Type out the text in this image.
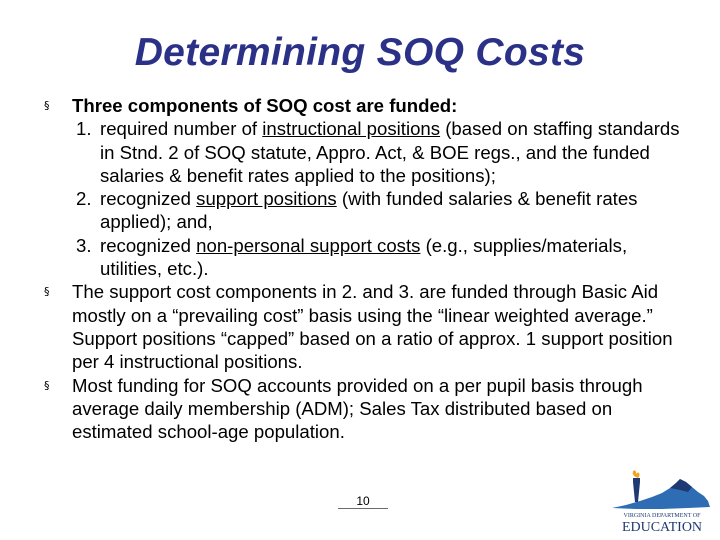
Determining SOQ Costs
§ Three components of SOQ cost are funded:
1. required number of instructional positions (based on staffing standards in Stnd. 2 of SOQ statute, Appro. Act, & BOE regs., and the funded salaries & benefit rates applied to the positions);
2. recognized support positions (with funded salaries & benefit rates applied); and,
3. recognized non-personal support costs (e.g., supplies/materials, utilities, etc.).
§ The support cost components in 2. and 3. are funded through Basic Aid mostly on a “prevailing cost” basis using the “linear weighted average.” Support positions “capped” based on a ratio of approx. 1 support position per 4 instructional positions.
§ Most funding for SOQ accounts provided on a per pupil basis through average daily membership (ADM); Sales Tax distributed based on estimated school-age population.
10
VIRGINIA DEPARTMENT OF
EDUCATION
